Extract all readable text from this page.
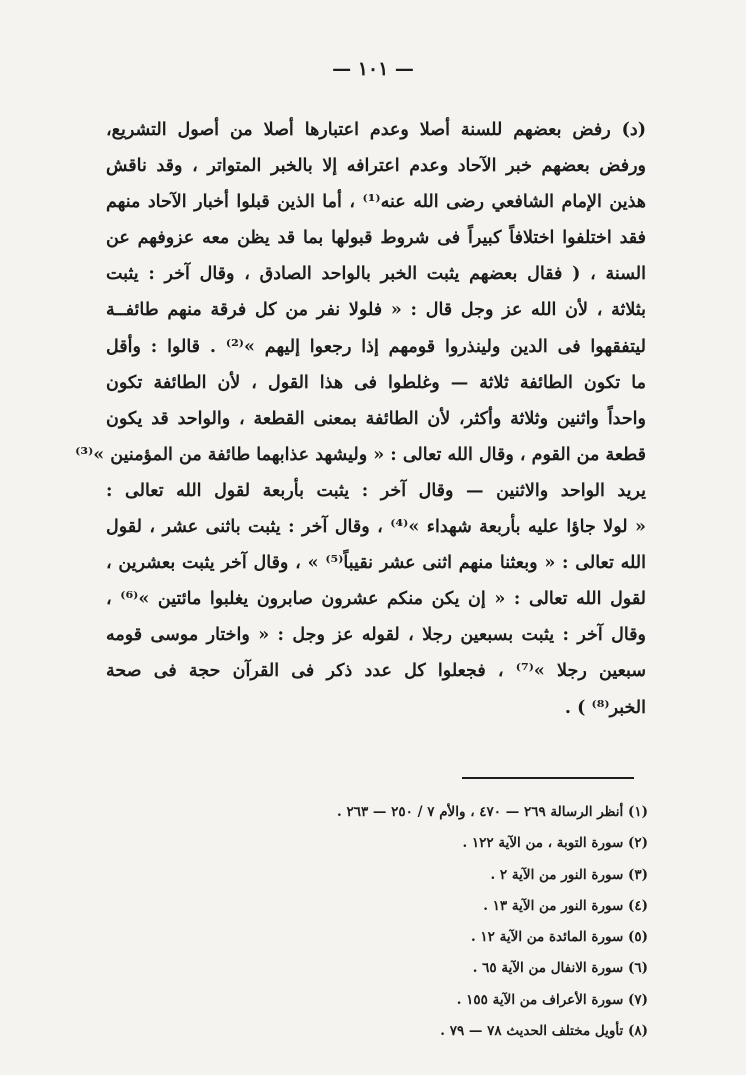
— ١٠١ —
(د) رفض بعضهم للسنة أصلا وعدم اعتبارها أصلا من أصول التشريع،
ورفض بعضهم خبر الآحاد وعدم اعترافه إلا بالخبر المتواتر ، وقد ناقش
هذين الإمام الشافعي رضى الله عنه⁽¹⁾ ، أما الذين قبلوا أخبار الآحاد منهم
فقد اختلفوا اختلافاً كبيراً فى شروط قبولها بما قد يظن معه عزوفهم عن
السنة ، ( فقال بعضهم يثبت الخبر بالواحد الصادق ، وقال آخر : يثبت
بثلاثة ، لأن الله عز وجل قال : « فلولا نفر من كل فرقة منهم طائفــة
ليتفقهوا فى الدين ولينذروا قومهم إذا رجعوا إليهم »⁽²⁾ . قالوا : وأقل
ما تكون الطائفة ثلاثة — وغلطوا فى هذا القول ، لأن الطائفة تكون
واحداً واثنين وثلاثة وأكثر، لأن الطائفة بمعنى القطعة ، والواحد قد يكون
قطعة من القوم ، وقال الله تعالى : « وليشهد عذابهما طائفة من المؤمنين »⁽³⁾
يريد الواحد والاثنين — وقال آخر : يثبت بأربعة لقول الله تعالى :
« لولا جاؤا عليه بأربعة شهداء »⁽⁴⁾ ، وقال آخر : يثبت باثنى عشر ، لقول
الله تعالى : « وبعثنا منهم اثنى عشر نقيباً⁽⁵⁾ » ، وقال آخر يثبت بعشرين ،
لقول الله تعالى : « إن يكن منكم عشرون صابرون يغلبوا مائتين »⁽⁶⁾ ،
وقال آخر : يثبت بسبعين رجلا ، لقوله عز وجل : « واختار موسى قومه
سبعين رجلا »⁽⁷⁾ ، فجعلوا كل عدد ذكر فى القرآن حجة فى صحة
الخبر⁽⁸⁾ ) .
(١) أنظر الرسالة ٢٦٩ — ٤٧٠ ، والأم ٧ / ٢٥٠ — ٢٦٣ .
(٢) سورة التوبة ، من الآية ١٢٢ .
(٣) سورة النور من الآية ٢ .
(٤) سورة النور من الآية ١٣ .
(٥) سورة المائدة من الآية ١٢ .
(٦) سورة الانفال من الآية ٦٥ .
(٧) سورة الأعراف من الآية ١٥٥ .
(٨) تأويل مختلف الحديث ٧٨ — ٧٩ .
